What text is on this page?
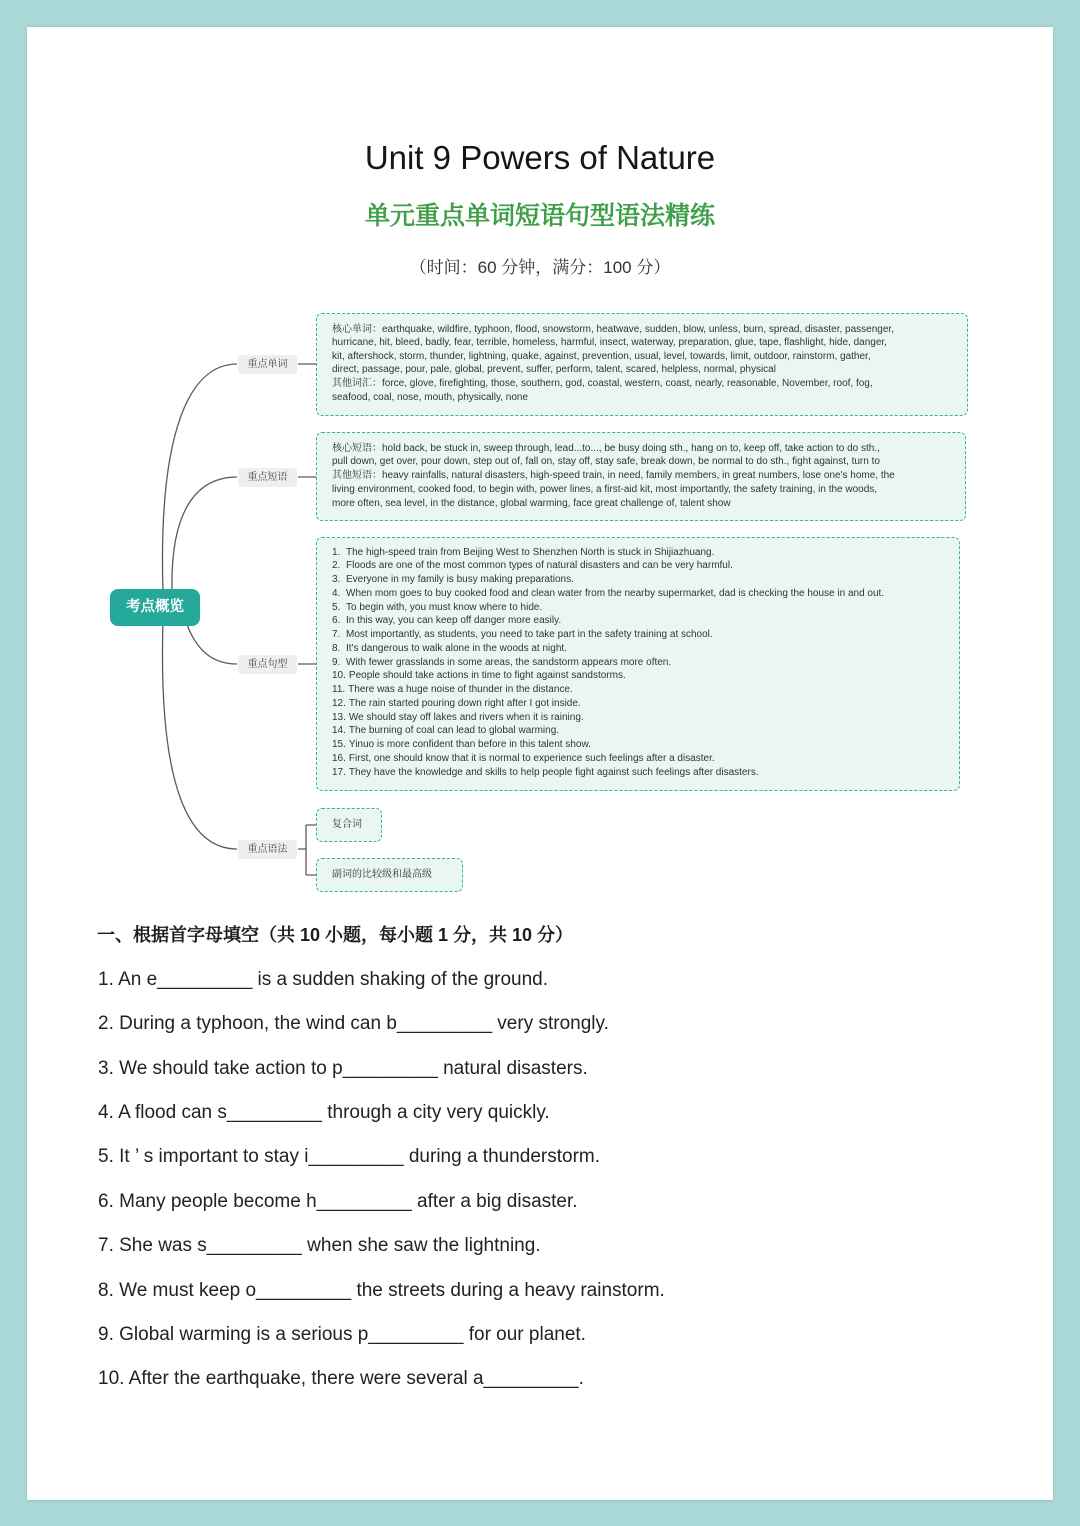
Unit 9 Powers of Nature
单元重点单词短语句型语法精练
（时间：60 分钟，满分：100 分）
考点概览
重点单词
重点短语
重点句型
重点语法
核心单词：earthquake, wildfire, typhoon, flood, snowstorm, heatwave, sudden, blow, unless, burn, spread, disaster, passenger,
hurricane, hit, bleed, badly, fear, terrible, homeless, harmful, insect, waterway, preparation, glue, tape, flashlight, hide, danger,
kit, aftershock, storm, thunder, lightning, quake, against, prevention, usual, level, towards, limit, outdoor, rainstorm, gather,
direct, passage, pour, pale, global, prevent, suffer, perform, talent, scared, helpless, normal, physical
其他词汇：force, glove, firefighting, those, southern, god, coastal, western, coast, nearly, reasonable, November, roof, fog,
seafood, coal, nose, mouth, physically, none
核心短语：hold back, be stuck in, sweep through, lead...to..., be busy doing sth., hang on to, keep off, take action to do sth.,
pull down, get over, pour down, step out of, fall on, stay off, stay safe, break down, be normal to do sth., fight against, turn to
其他短语：heavy rainfalls, natural disasters, high-speed train, in need, family members, in great numbers, lose one's home, the
living environment, cooked food, to begin with, power lines, a first-aid kit, most importantly, the safety training, in the woods,
more often, sea level, in the distance, global warming, face great challenge of, talent show
1. The high-speed train from Beijing West to Shenzhen North is stuck in Shijiazhuang.
2. Floods are one of the most common types of natural disasters and can be very harmful.
3. Everyone in my family is busy making preparations.
4. When mom goes to buy cooked food and clean water from the nearby supermarket, dad is checking the house in and out.
5. To begin with, you must know where to hide.
6. In this way, you can keep off danger more easily.
7. Most importantly, as students, you need to take part in the safety training at school.
8. It's dangerous to walk alone in the woods at night.
9. With fewer grasslands in some areas, the sandstorm appears more often.
10. People should take actions in time to fight against sandstorms.
11. There was a huge noise of thunder in the distance.
12. The rain started pouring down right after I got inside.
13. We should stay off lakes and rivers when it is raining.
14. The burning of coal can lead to global warming.
15. Yinuo is more confident than before in this talent show.
16. First, one should know that it is normal to experience such feelings after a disaster.
17. They have the knowledge and skills to help people fight against such feelings after disasters.
复合词
副词的比较级和最高级
一、根据首字母填空（共 10 小题，每小题 1 分，共 10 分）
1. An e_________ is a sudden shaking of the ground.
2. During a typhoon, the wind can b_________ very strongly.
3. We should take action to p_________ natural disasters.
4. A flood can s_________ through a city very quickly.
5. It ’ s important to stay i_________ during a thunderstorm.
6. Many people become h_________ after a big disaster.
7. She was s_________ when she saw the lightning.
8. We must keep o_________ the streets during a heavy rainstorm.
9. Global warming is a serious p_________ for our planet.
10. After the earthquake, there were several a_________.
